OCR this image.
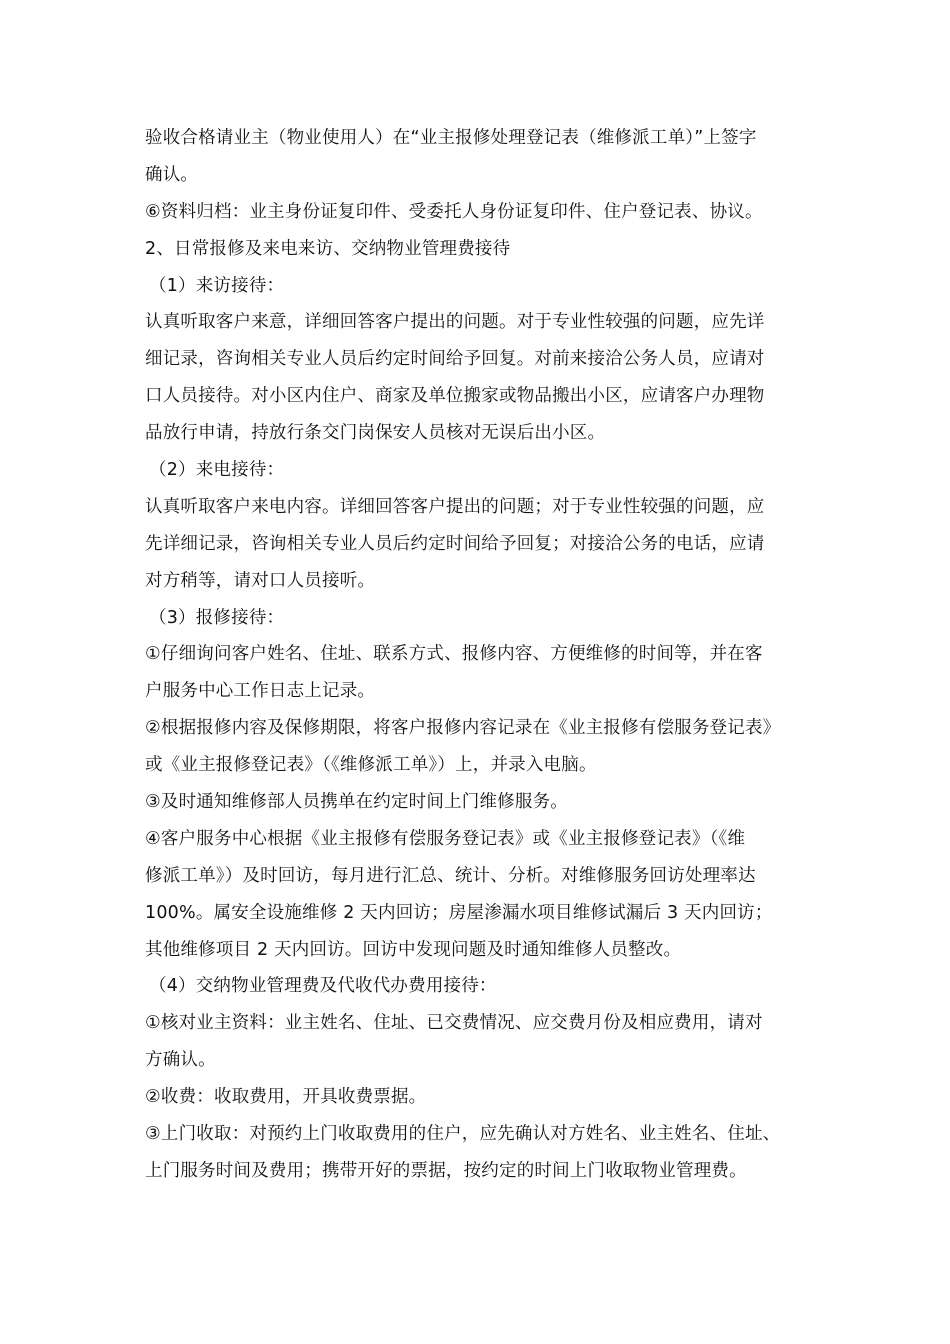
验收合格请业主（物业使用人）在“业主报修处理登记表（维修派工单）”上签字
确认。
⑥资料归档：业主身份证复印件、受委托人身份证复印件、住户登记表、协议。
2、日常报修及来电来访、交纳物业管理费接待
（1）来访接待：
认真听取客户来意，详细回答客户提出的问题。对于专业性较强的问题，应先详
细记录，咨询相关专业人员后约定时间给予回复。对前来接洽公务人员，应请对
口人员接待。对小区内住户、商家及单位搬家或物品搬出小区，应请客户办理物
品放行申请，持放行条交门岗保安人员核对无误后出小区。
（2）来电接待：
认真听取客户来电内容。详细回答客户提出的问题；对于专业性较强的问题，应
先详细记录，咨询相关专业人员后约定时间给予回复；对接洽公务的电话，应请
对方稍等，请对口人员接听。
（3）报修接待：
①仔细询问客户姓名、住址、联系方式、报修内容、方便维修的时间等，并在客
户服务中心工作日志上记录。
②根据报修内容及保修期限，将客户报修内容记录在《业主报修有偿服务登记表》
或《业主报修登记表》（《维修派工单》）上，并录入电脑。
③及时通知维修部人员携单在约定时间上门维修服务。
④客户服务中心根据《业主报修有偿服务登记表》或《业主报修登记表》（《维
修派工单》）及时回访，每月进行汇总、统计、分析。对维修服务回访处理率达
100%。属安全设施维修 2 天内回访；房屋渗漏水项目维修试漏后 3 天内回访；
其他维修项目 2 天内回访。回访中发现问题及时通知维修人员整改。
（4）交纳物业管理费及代收代办费用接待：
①核对业主资料：业主姓名、住址、已交费情况、应交费月份及相应费用，请对
方确认。
②收费：收取费用，开具收费票据。
③上门收取：对预约上门收取费用的住户，应先确认对方姓名、业主姓名、住址、
上门服务时间及费用；携带开好的票据，按约定的时间上门收取物业管理费。
